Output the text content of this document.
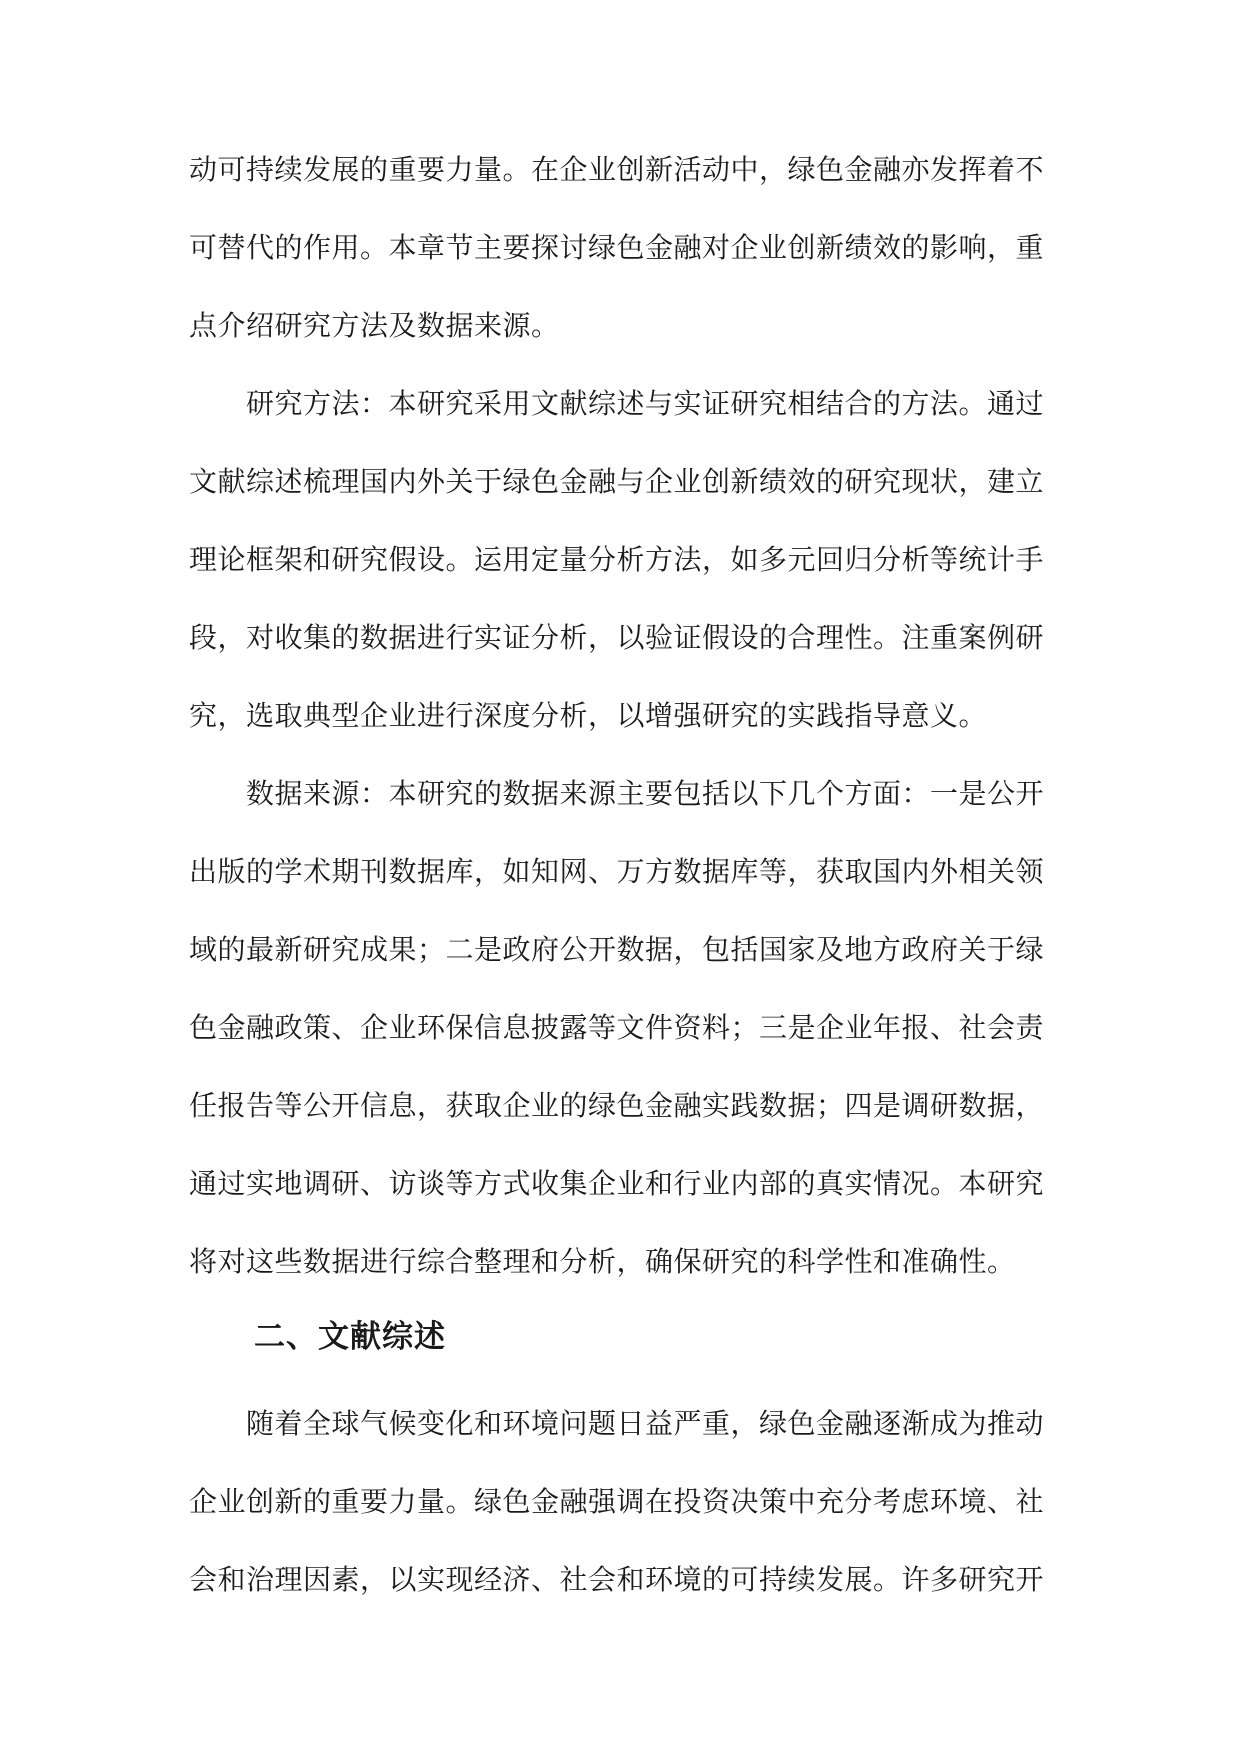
动可持续发展的重要力量。在企业创新活动中，绿色金融亦发挥着不
可替代的作用。本章节主要探讨绿色金融对企业创新绩效的影响，重
点介绍研究方法及数据来源。
研究方法：本研究采用文献综述与实证研究相结合的方法。通过
文献综述梳理国内外关于绿色金融与企业创新绩效的研究现状，建立
理论框架和研究假设。运用定量分析方法，如多元回归分析等统计手
段，对收集的数据进行实证分析，以验证假设的合理性。注重案例研
究，选取典型企业进行深度分析，以增强研究的实践指导意义。
数据来源：本研究的数据来源主要包括以下几个方面：一是公开
出版的学术期刊数据库，如知网、万方数据库等，获取国内外相关领
域的最新研究成果；二是政府公开数据，包括国家及地方政府关于绿
色金融政策、企业环保信息披露等文件资料；三是企业年报、社会责
任报告等公开信息，获取企业的绿色金融实践数据；四是调研数据，
通过实地调研、访谈等方式收集企业和行业内部的真实情况。本研究
将对这些数据进行综合整理和分析，确保研究的科学性和准确性。
二、文献综述
随着全球气候变化和环境问题日益严重，绿色金融逐渐成为推动
企业创新的重要力量。绿色金融强调在投资决策中充分考虑环境、社
会和治理因素，以实现经济、社会和环境的可持续发展。许多研究开
